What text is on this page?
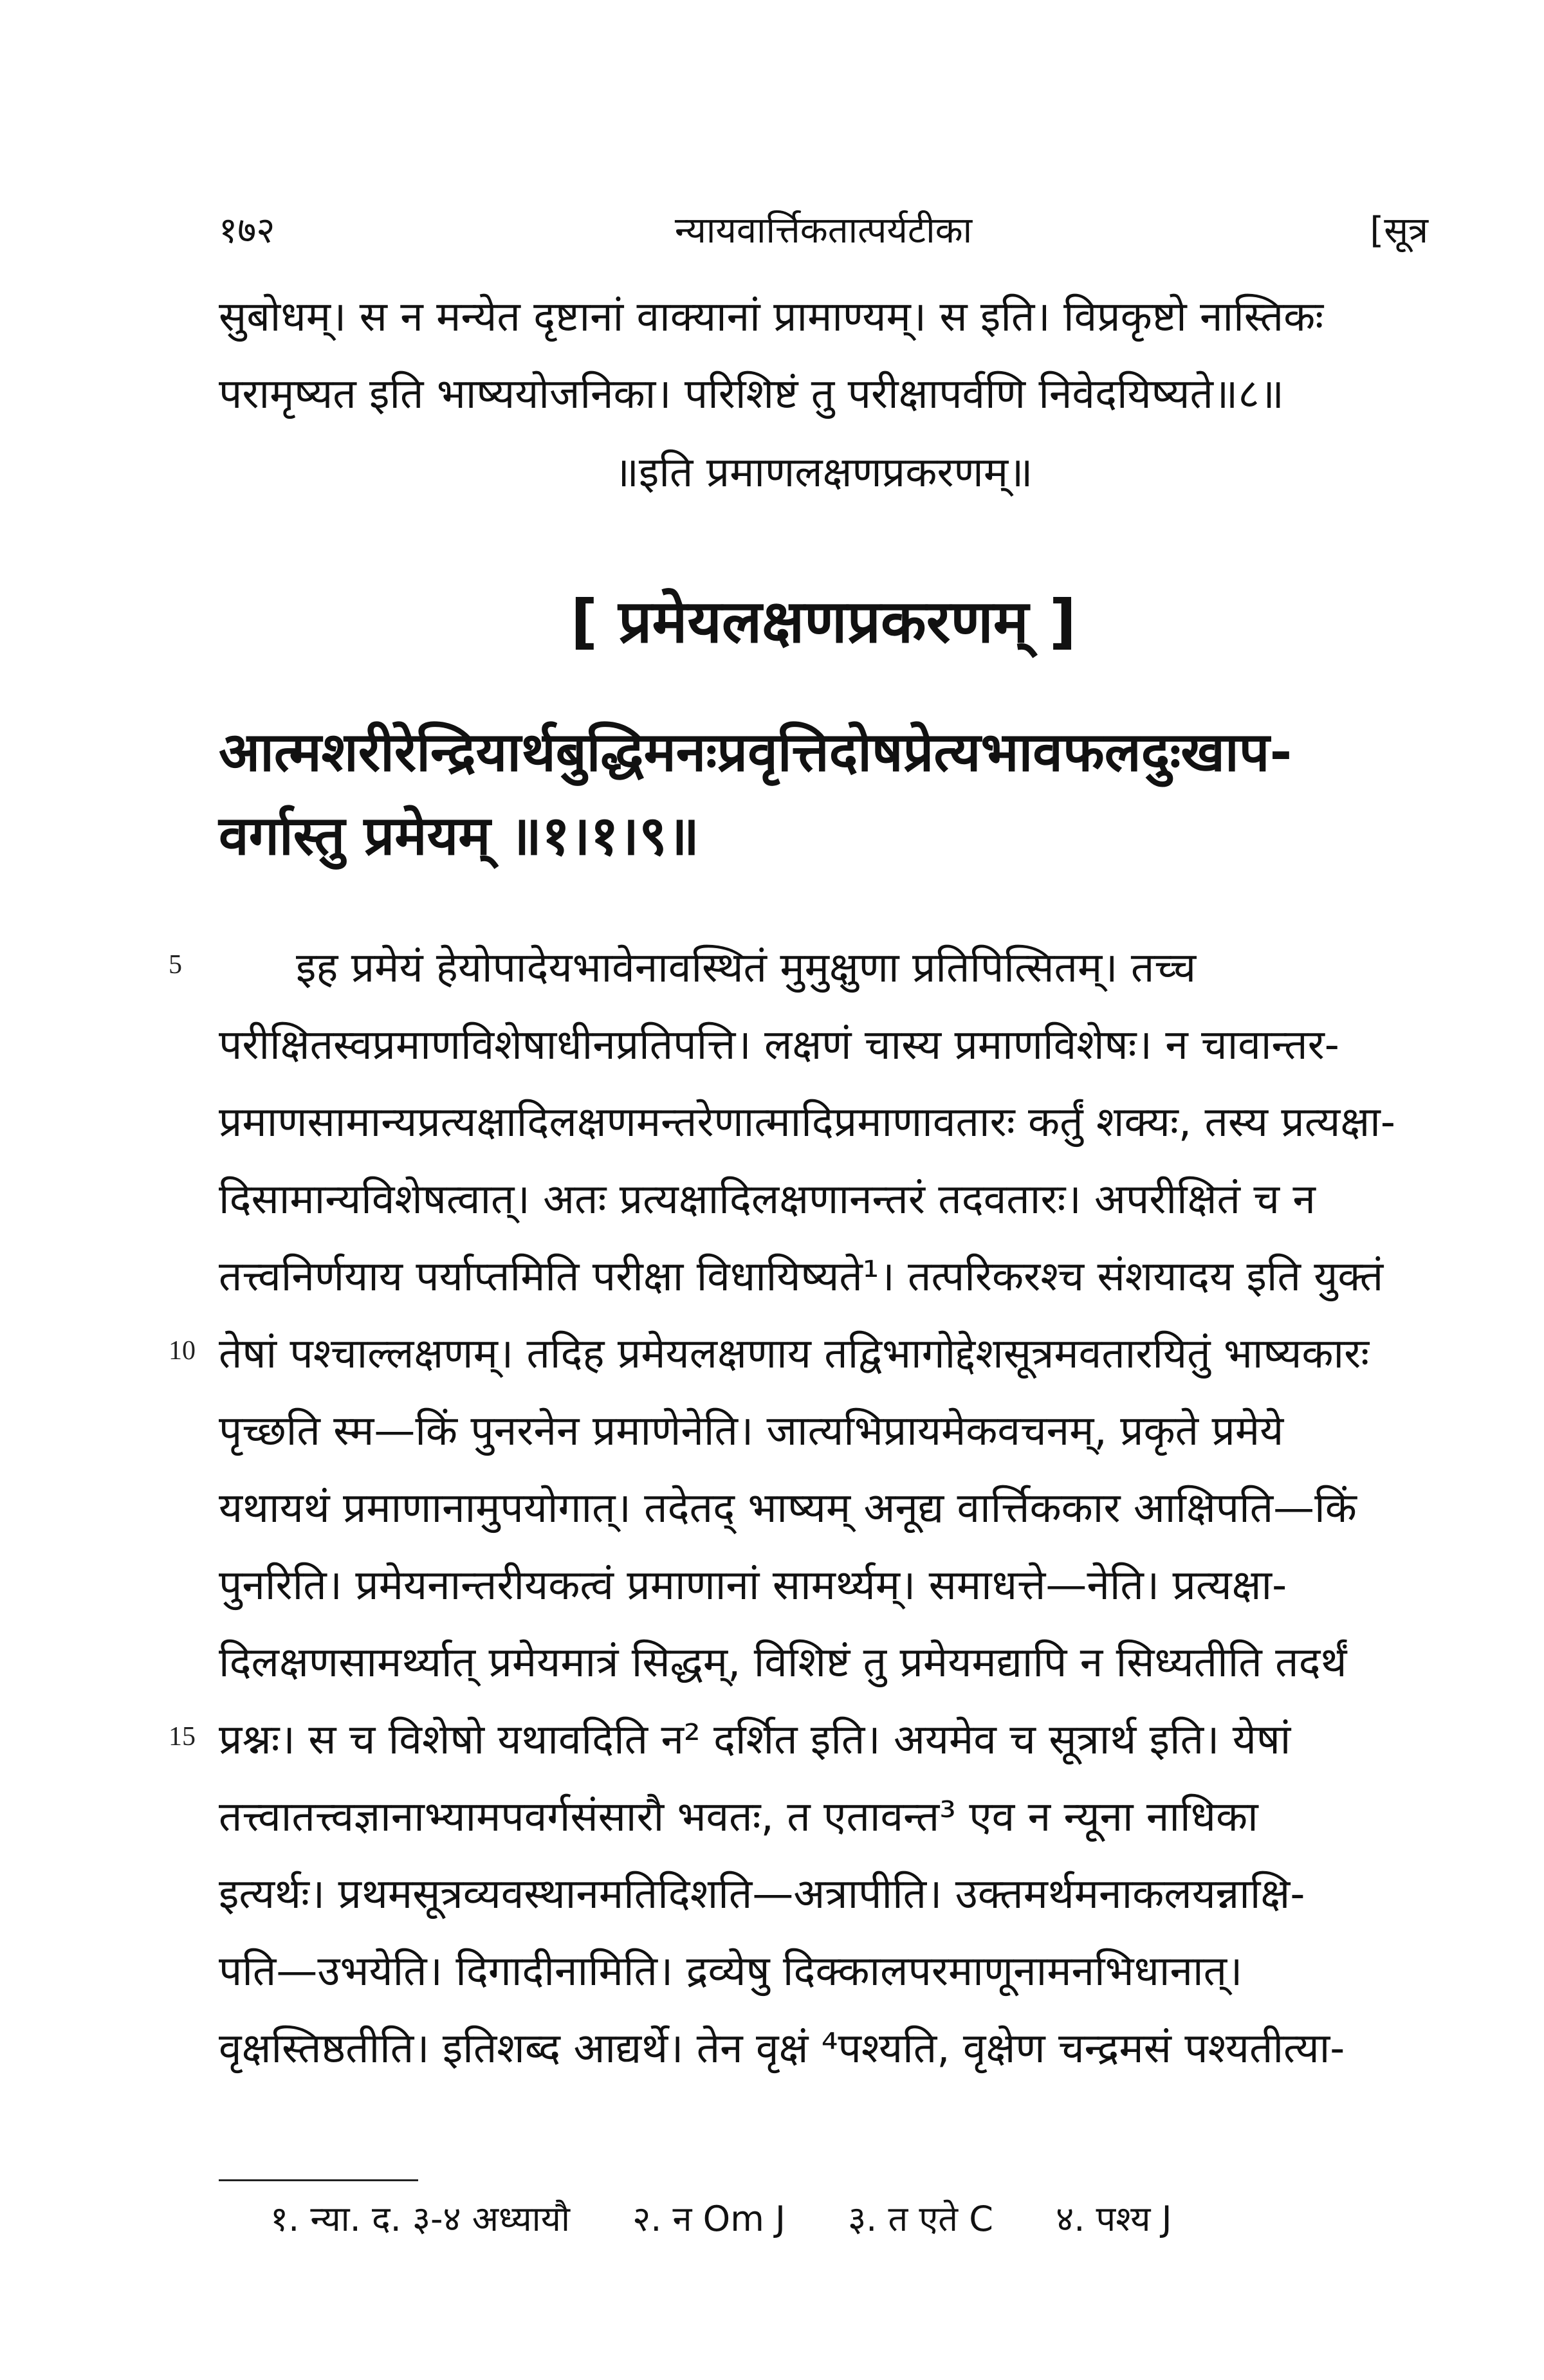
१७२	न्यायवार्त्तिकतात्पर्यटीका	[सूत्र
सुबोधम्। स न मन्येत दृष्टानां वाक्यानां प्रामाण्यम्। स इति। विप्रकृष्टो नास्तिकः
परामृष्यत इति भाष्ययोजनिका। परिशिष्टं तु परीक्षापर्वणि निवेदयिष्यते॥८॥
॥इति प्रमाणलक्षणप्रकरणम्॥
[ प्रमेयलक्षणप्रकरणम् ]
आत्मशरीरेन्द्रियार्थबुद्धिमनःप्रवृत्तिदोषप्रेत्यभावफलदुःखाप-
वर्गास्तु प्रमेयम् ॥१।१।९॥
5
10
15
इह प्रमेयं हेयोपादेयभावेनावस्थितं मुमुक्षुणा प्रतिपित्सितम्। तच्च
परीक्षितस्वप्रमाणविशेषाधीनप्रतिपत्ति। लक्षणं चास्य प्रमाणविशेषः। न चावान्तर-
प्रमाणसामान्यप्रत्यक्षादिलक्षणमन्तरेणात्मादिप्रमाणावतारः कर्तुं शक्यः, तस्य प्रत्यक्षा-
दिसामान्यविशेषत्वात्। अतः प्रत्यक्षादिलक्षणानन्तरं तदवतारः। अपरीक्षितं च न
तत्त्वनिर्णयाय पर्याप्तमिति परीक्षा विधायिष्यते¹। तत्परिकरश्च संशयादय इति युक्तं
तेषां पश्चाल्लक्षणम्। तदिह प्रमेयलक्षणाय तद्विभागोद्देशसूत्रमवतारयितुं भाष्यकारः
पृच्छति स्म—किं पुनरनेन प्रमाणेनेति। जात्यभिप्रायमेकवचनम्, प्रकृते प्रमेये
यथायथं प्रमाणानामुपयोगात्। तदेतद् भाष्यम् अनूद्य वार्त्तिककार आक्षिपति—किं
पुनरिति। प्रमेयनान्तरीयकत्वं प्रमाणानां सामर्थ्यम्। समाधत्ते—नेति। प्रत्यक्षा-
दिलक्षणसामर्थ्यात् प्रमेयमात्रं सिद्धम्, विशिष्टं तु प्रमेयमद्यापि न सिध्यतीति तदर्थं
प्रश्नः। स च विशेषो यथावदिति न² दर्शित इति। अयमेव च सूत्रार्थ इति। येषां
तत्त्वातत्त्वज्ञानाभ्यामपवर्गसंसारौ भवतः, त एतावन्त³ एव न न्यूना नाधिका
इत्यर्थः। प्रथमसूत्रव्यवस्थानमतिदिशति—अत्रापीति। उक्तमर्थमनाकलयन्नाक्षि-
पति—उभयेति। दिगादीनामिति। द्रव्येषु दिक्कालपरमाणूनामनभिधानात्।
वृक्षस्तिष्ठतीति। इतिशब्द आद्यर्थे। तेन वृक्षं ⁴पश्यति, वृक्षेण चन्द्रमसं पश्यतीत्या-
१. न्या. द. ३-४ अध्यायौ २. न Om J ३. त एते C ४. पश्य J
